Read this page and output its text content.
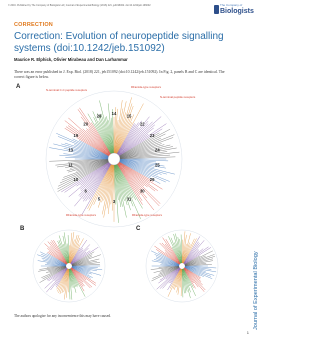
© 2016. Published by The Company of Biologists Ltd | Journal of Experimental Biology (2016) 221, jeb196002. doi:10.1242/jeb.196002	The Company of
Biologists
CORRECTION
Correction: Evolution of neuropeptide signalling systems (doi:10.1242/jeb.151092)
Maurice R. Elphick, Olivier Mirabeau and Dan Larhammar
There was an error published in J. Exp. Biol. (2018) 221, jeb151092 (doi:10.1242/jeb.151092). In Fig. 2, panels B and C are identical. The correct figure is below.
14
15
22
23
24
25
29
30
31
3
5
6
10
11
13
19
20
28
A	N-terminal C-C peptide receptors
RFamide-type receptors
N-terminal peptide receptors
RFamide-type receptors	RFamide-type receptors
B	C
The authors apologise for any inconvenience this may have caused.	Journal of Experimental Biology
1
